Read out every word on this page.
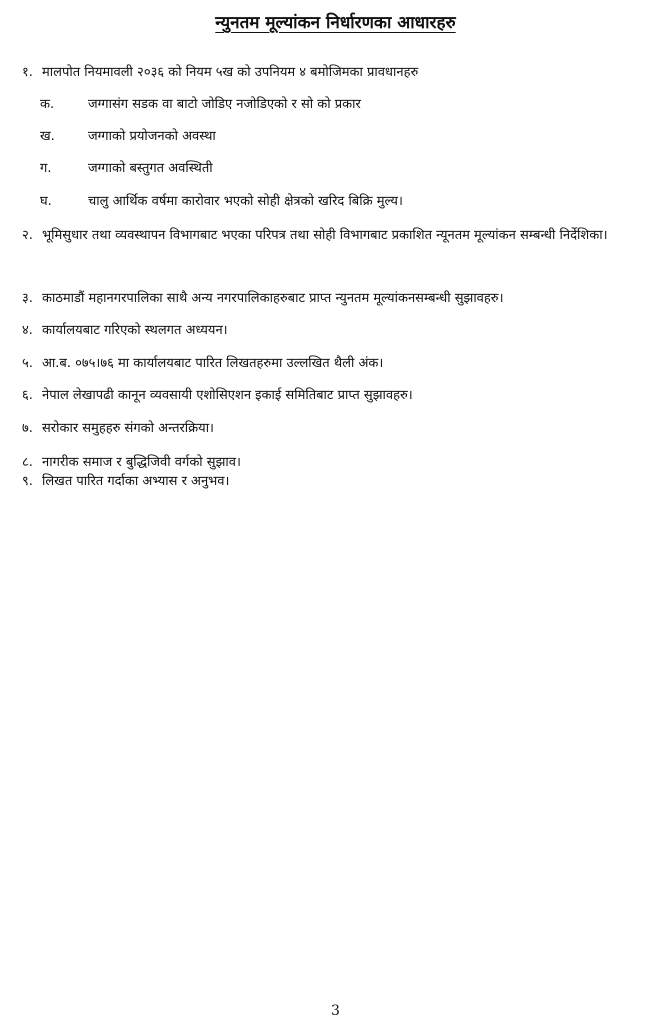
न्युनतम मूल्यांकन निर्धारणका आधारहरु
१. मालपोत नियमावली २०३६ को नियम ५ख को उपनियम ४ बमोजिमका प्रावधानहरु
क.	जग्गासंग सडक वा बाटो जोडिए नजोडिएको र सो को प्रकार
ख.	जग्गाको प्रयोजनको अवस्था
ग.	जग्गाको बस्तुगत अवस्थिती
घ.	चालु आर्थिक वर्षमा कारोवार भएको सोही क्षेत्रको खरिद बिक्रि मुल्य।
२. भूमिसुधार तथा व्यवस्थापन विभागबाट भएका परिपत्र तथा सोही विभागबाट प्रकाशित न्यूनतम मूल्यांकन सम्बन्धी निर्देशिका।
३. काठमाडौं महानगरपालिका साथै अन्य नगरपालिकाहरुबाट प्राप्त न्युनतम मूल्यांकनसम्बन्धी सुझावहरु।
४. कार्यालयबाट गरिएको स्थलगत अध्ययन।
५. आ.ब. ०७५।७६ मा कार्यालयबाट पारित लिखतहरुमा उल्लखित थैली अंक।
६. नेपाल लेखापढी कानून व्यवसायी एशोसिएशन इकाई समितिबाट प्राप्त सुझावहरु।
७. सरोकार समुहहरु संगको अन्तरक्रिया।
८. नागरीक समाज र बुद्धिजिवी वर्गको सुझाव।
९. लिखत पारित गर्दाका अभ्यास र अनुभव।
3
